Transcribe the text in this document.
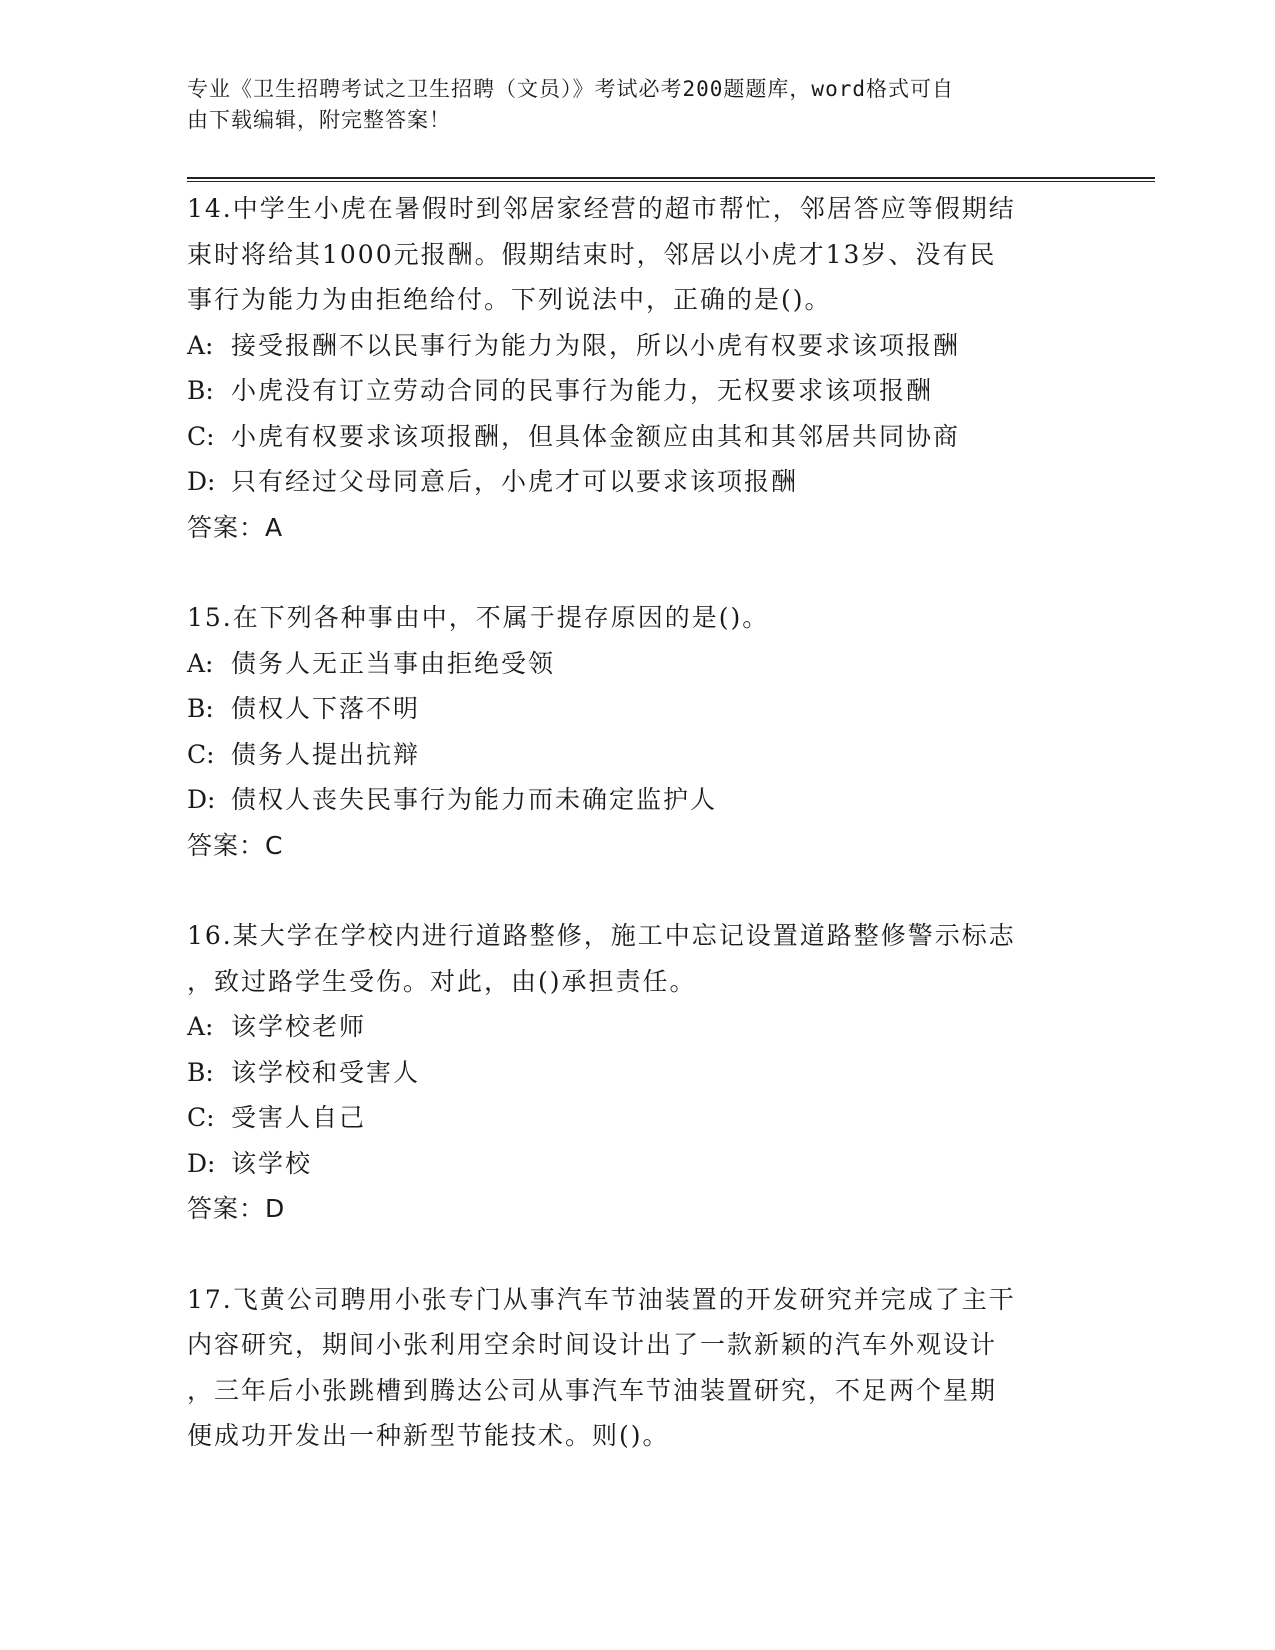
专业《卫生招聘考试之卫生招聘（文员）》考试必考200题题库，word格式可自
由下载编辑，附完整答案！
14.中学生小虎在暑假时到邻居家经营的超市帮忙，邻居答应等假期结
束时将给其1000元报酬。假期结束时，邻居以小虎才13岁、没有民
事行为能力为由拒绝给付。下列说法中，正确的是()。
A: 接受报酬不以民事行为能力为限，所以小虎有权要求该项报酬
B: 小虎没有订立劳动合同的民事行为能力，无权要求该项报酬
C: 小虎有权要求该项报酬，但具体金额应由其和其邻居共同协商
D: 只有经过父母同意后，小虎才可以要求该项报酬
答案：A
15.在下列各种事由中，不属于提存原因的是()。
A: 债务人无正当事由拒绝受领
B: 债权人下落不明
C: 债务人提出抗辩
D: 债权人丧失民事行为能力而未确定监护人
答案：C
16.某大学在学校内进行道路整修，施工中忘记设置道路整修警示标志
，致过路学生受伤。对此，由()承担责任。
A: 该学校老师
B: 该学校和受害人
C: 受害人自己
D: 该学校
答案：D
17.飞黄公司聘用小张专门从事汽车节油装置的开发研究并完成了主干
内容研究，期间小张利用空余时间设计出了一款新颖的汽车外观设计
，三年后小张跳槽到腾达公司从事汽车节油装置研究，不足两个星期
便成功开发出一种新型节能技术。则()。
